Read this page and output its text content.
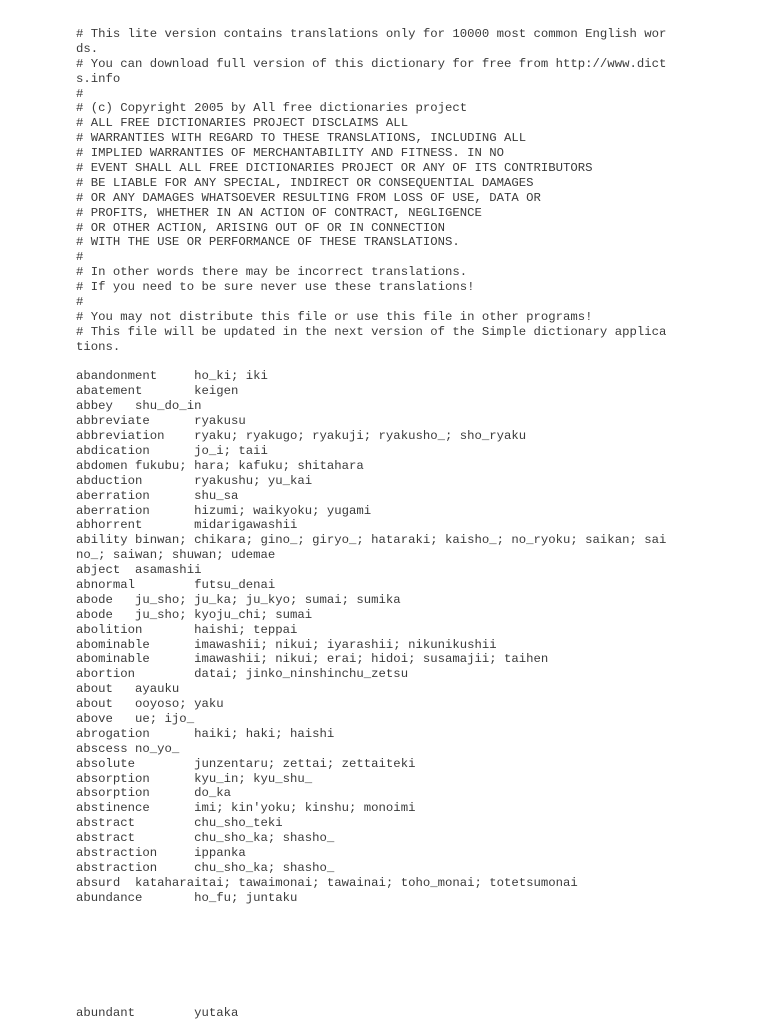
# This lite version contains translations only for 10000 most common English wor
ds.
# You can download full version of this dictionary for free from http://www.dict
s.info
#
# (c) Copyright 2005 by All free dictionaries project
# ALL FREE DICTIONARIES PROJECT DISCLAIMS ALL
# WARRANTIES WITH REGARD TO THESE TRANSLATIONS, INCLUDING ALL
# IMPLIED WARRANTIES OF MERCHANTABILITY AND FITNESS. IN NO
# EVENT SHALL ALL FREE DICTIONARIES PROJECT OR ANY OF ITS CONTRIBUTORS
# BE LIABLE FOR ANY SPECIAL, INDIRECT OR CONSEQUENTIAL DAMAGES
# OR ANY DAMAGES WHATSOEVER RESULTING FROM LOSS OF USE, DATA OR
# PROFITS, WHETHER IN AN ACTION OF CONTRACT, NEGLIGENCE
# OR OTHER ACTION, ARISING OUT OF OR IN CONNECTION
# WITH THE USE OR PERFORMANCE OF THESE TRANSLATIONS.
#
# In other words there may be incorrect translations.
# If you need to be sure never use these translations!
#
# You may not distribute this file or use this file in other programs!
# This file will be updated in the next version of the Simple dictionary applica
tions.
abandonment     ho_ki; iki
abatement       keigen
abbey   shu_do_in
abbreviate      ryakusu
abbreviation    ryaku; ryakugo; ryakuji; ryakusho_; sho_ryaku
abdication      jo_i; taii
abdomen fukubu; hara; kafuku; shitahara
abduction       ryakushu; yu_kai
aberration      shu_sa
aberration      hizumi; waikyoku; yugami
abhorrent       midarigawashii
ability binwan; chikara; gino_; giryo_; hataraki; kaisho_; no_ryoku; saikan; sai
no_; saiwan; shuwan; udemae
abject  asamashii
abnormal        futsu_denai
abode   ju_sho; ju_ka; ju_kyo; sumai; sumika
abode   ju_sho; kyoju_chi; sumai
abolition       haishi; teppai
abominable      imawashii; nikui; iyarashii; nikunikushii
abominable      imawashii; nikui; erai; hidoi; susamajii; taihen
abortion        datai; jinko_ninshinchu_zetsu
about   ayauku
about   ooyoso; yaku
above   ue; ijo_
abrogation      haiki; haki; haishi
abscess no_yo_
absolute        junzentaru; zettai; zettaiteki
absorption      kyu_in; kyu_shu_
absorption      do_ka
abstinence      imi; kin'yoku; kinshu; monoimi
abstract        chu_sho_teki
abstract        chu_sho_ka; shasho_
abstraction     ippanka
abstraction     chu_sho_ka; shasho_
absurd  kataharaitai; tawaimonai; tawainai; toho_monai; totetsumonai
abundance       ho_fu; juntaku
abundant        yutaka
